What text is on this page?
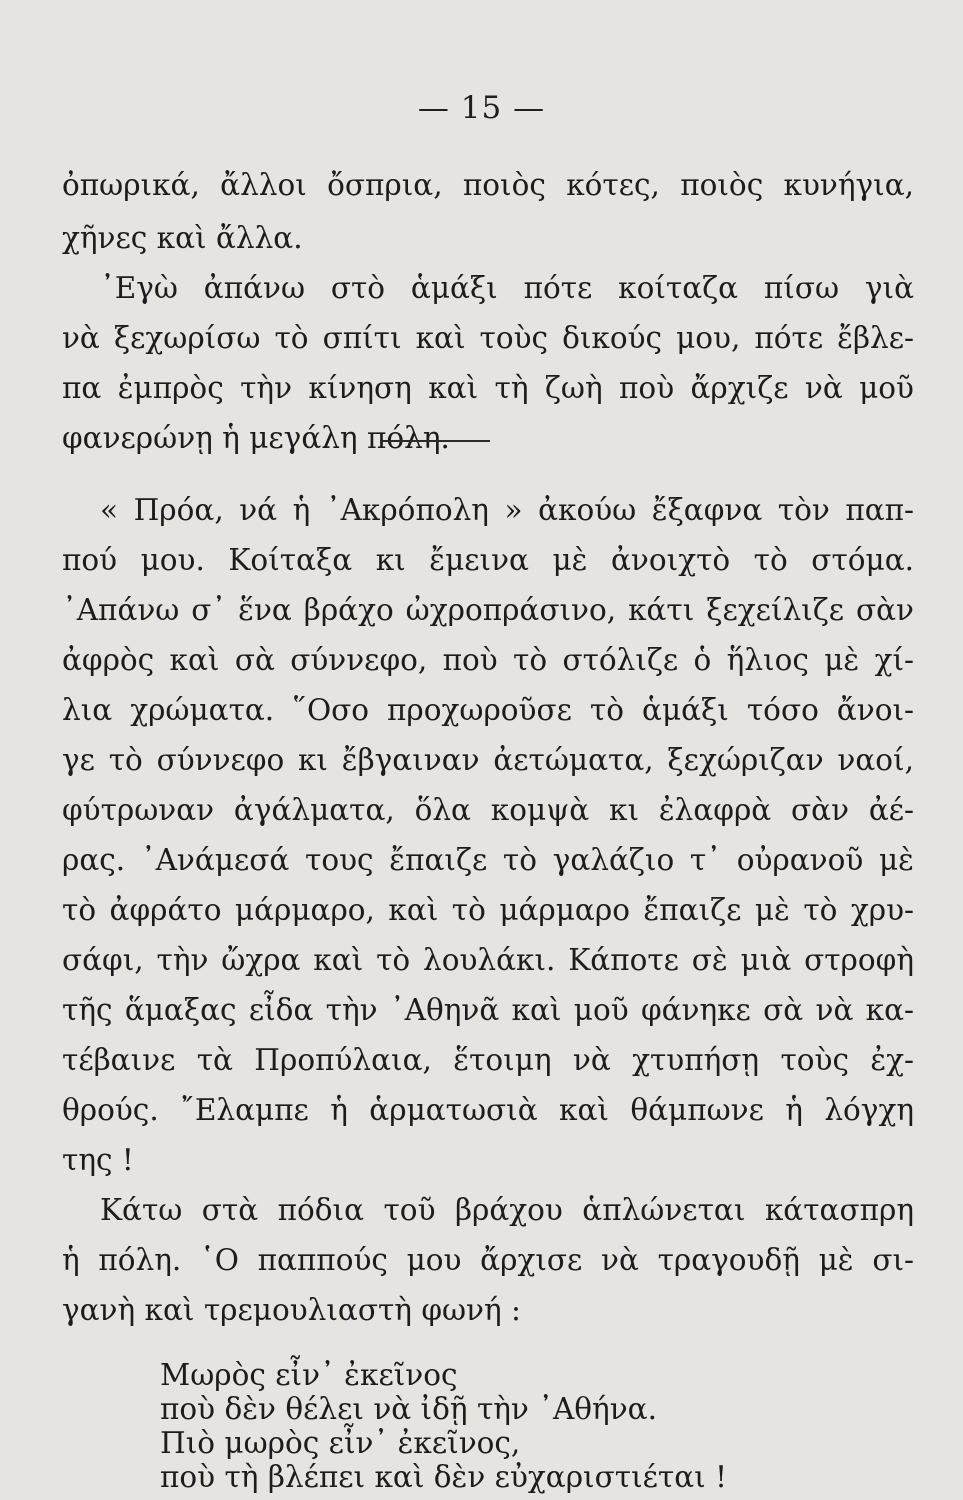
— 15 —
ὀπωρικά, ἄλλοι ὄσπρια, ποιὸς κότες, ποιὸς κυνήγια,
χῆνες καὶ ἄλλα.
᾿Εγὼ ἀπάνω στὸ ἁμάξι πότε κοίταζα πίσω γιὰ
νὰ ξεχωρίσω τὸ σπίτι καὶ τοὺς δικούς μου, πότε ἔβλε-
πα ἐμπρὸς τὴν κίνηση καὶ τὴ ζωὴ ποὺ ἄρχιζε νὰ μοῦ
φανερώνῃ ἡ μεγάλη πόλη.
« Πρόα, νά ἡ ᾿Ακρόπολη » ἀκούω ἔξαφνα τὸν παπ-
πού μου. Κοίταξα κι ἔμεινα μὲ ἀνοιχτὸ τὸ στόμα.
᾿Απάνω σ᾿ ἕνα βράχο ὠχροπράσινο, κάτι ξεχείλιζε σὰν
ἀφρὸς καὶ σὰ σύννεφο, ποὺ τὸ στόλιζε ὁ ἥλιος μὲ χί-
λια χρώματα. ῞Οσο προχωροῦσε τὸ ἁμάξι τόσο ἄνοι-
γε τὸ σύννεφο κι ἔβγαιναν ἀετώματα, ξεχώριζαν ναοί,
φύτρωναν ἀγάλματα, ὅλα κομψὰ κι ἐλαφρὰ σὰν ἀέ-
ρας. ᾿Ανάμεσά τους ἔπαιζε τὸ γαλάζιο τ᾿ οὐρανοῦ μὲ
τὸ ἀφράτο μάρμαρο, καὶ τὸ μάρμαρο ἔπαιζε μὲ τὸ χρυ-
σάφι, τὴν ὤχρα καὶ τὸ λουλάκι. Κάποτε σὲ μιὰ στροφὴ
τῆς ἅμαξας εἶδα τὴν ᾿Αθηνᾶ καὶ μοῦ φάνηκε σὰ νὰ κα-
τέβαινε τὰ Προπύλαια, ἕτοιμη νὰ χτυπήσῃ τοὺς ἐχ-
θρούς. ῎Ελαμπε ἡ ἁρματωσιὰ καὶ θάμπωνε ἡ λόγχη
της !
Κάτω στὰ πόδια τοῦ βράχου ἁπλώνεται κάτασπρη
ἡ πόλη. ῾Ο παππούς μου ἄρχισε νὰ τραγουδῇ μὲ σι-
γανὴ καὶ τρεμουλιαστὴ φωνή :
Μωρὸς εἶν᾿ ἐκεῖνος
ποὺ δὲν θέλει νὰ ἰδῇ τὴν ᾿Αθήνα.
Πιὸ μωρὸς εἶν᾿ ἐκεῖνος,
ποὺ τὴ βλέπει καὶ δὲν εὐχαριστιέται !
